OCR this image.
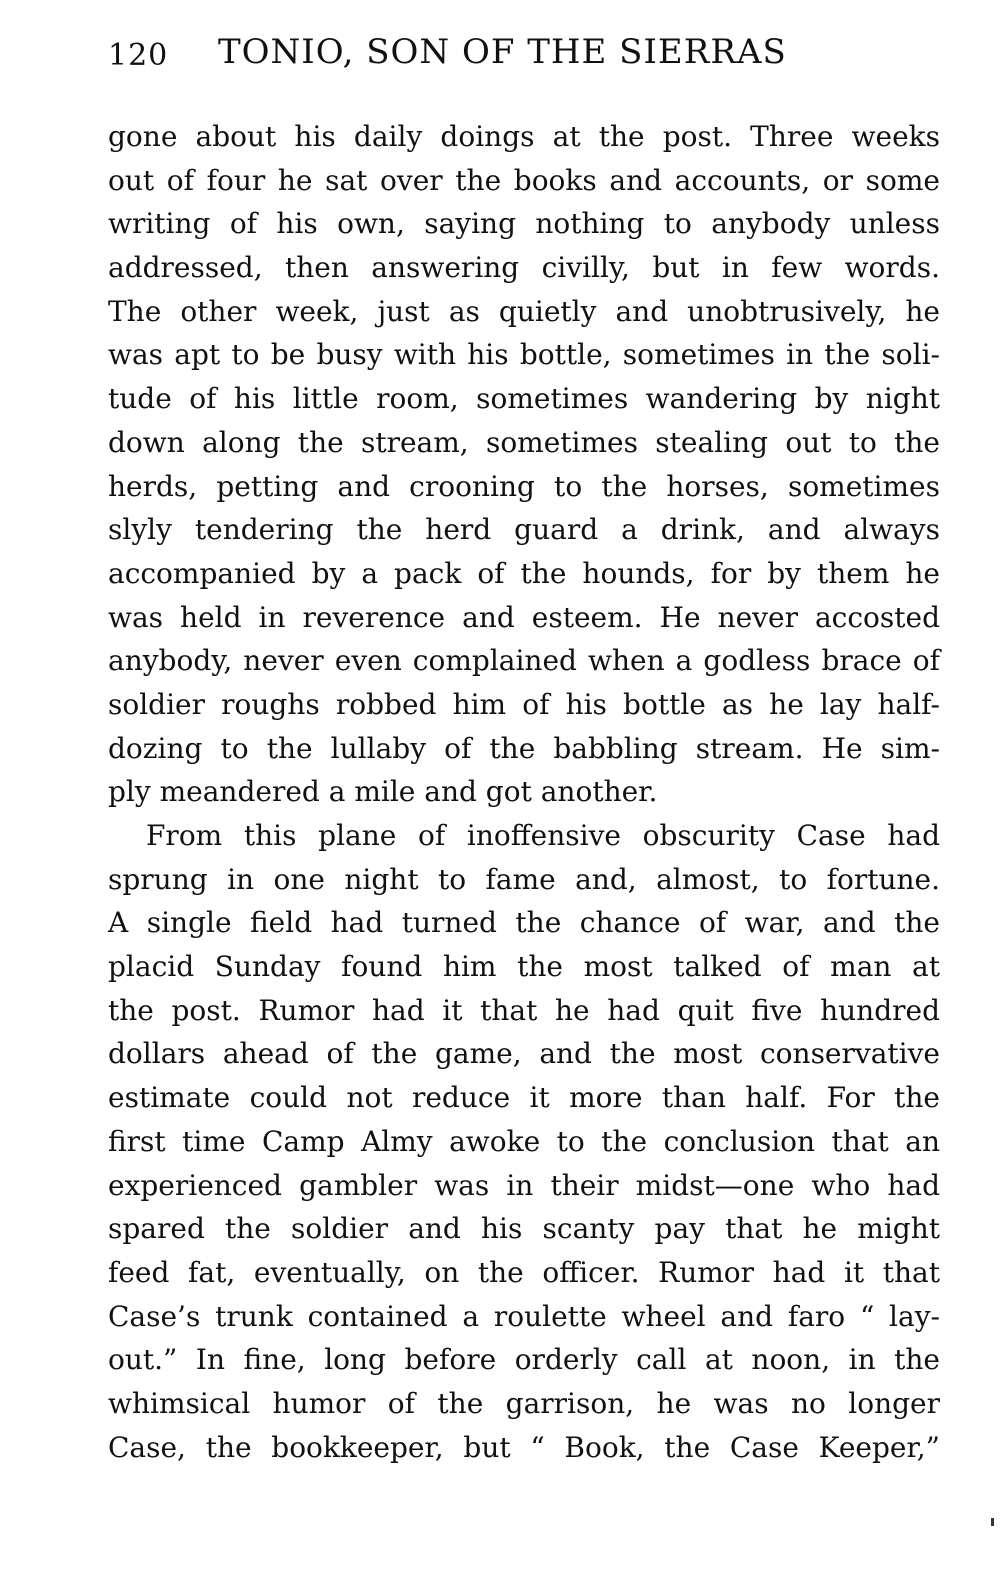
120 TONIO, SON OF THE SIERRAS
gone about his daily doings at the post. Three weeks
out of four he sat over the books and accounts, or some
writing of his own, saying nothing to anybody unless
addressed, then answering civilly, but in few words.
The other week, just as quietly and unobtrusively, he
was apt to be busy with his bottle, sometimes in the soli-
tude of his little room, sometimes wandering by night
down along the stream, sometimes stealing out to the
herds, petting and crooning to the horses, sometimes
slyly tendering the herd guard a drink, and always
accompanied by a pack of the hounds, for by them he
was held in reverence and esteem. He never accosted
anybody, never even complained when a godless brace of
soldier roughs robbed him of his bottle as he lay half-
dozing to the lullaby of the babbling stream. He sim-
ply meandered a mile and got another.
From this plane of inoffensive obscurity Case had
sprung in one night to fame and, almost, to fortune.
A single field had turned the chance of war, and the
placid Sunday found him the most talked of man at
the post. Rumor had it that he had quit five hundred
dollars ahead of the game, and the most conservative
estimate could not reduce it more than half. For the
first time Camp Almy awoke to the conclusion that an
experienced gambler was in their midst—one who had
spared the soldier and his scanty pay that he might
feed fat, eventually, on the officer. Rumor had it that
Case’s trunk contained a roulette wheel and faro “ lay-
out.” In fine, long before orderly call at noon, in the
whimsical humor of the garrison, he was no longer
Case, the bookkeeper, but “ Book, the Case Keeper,”
